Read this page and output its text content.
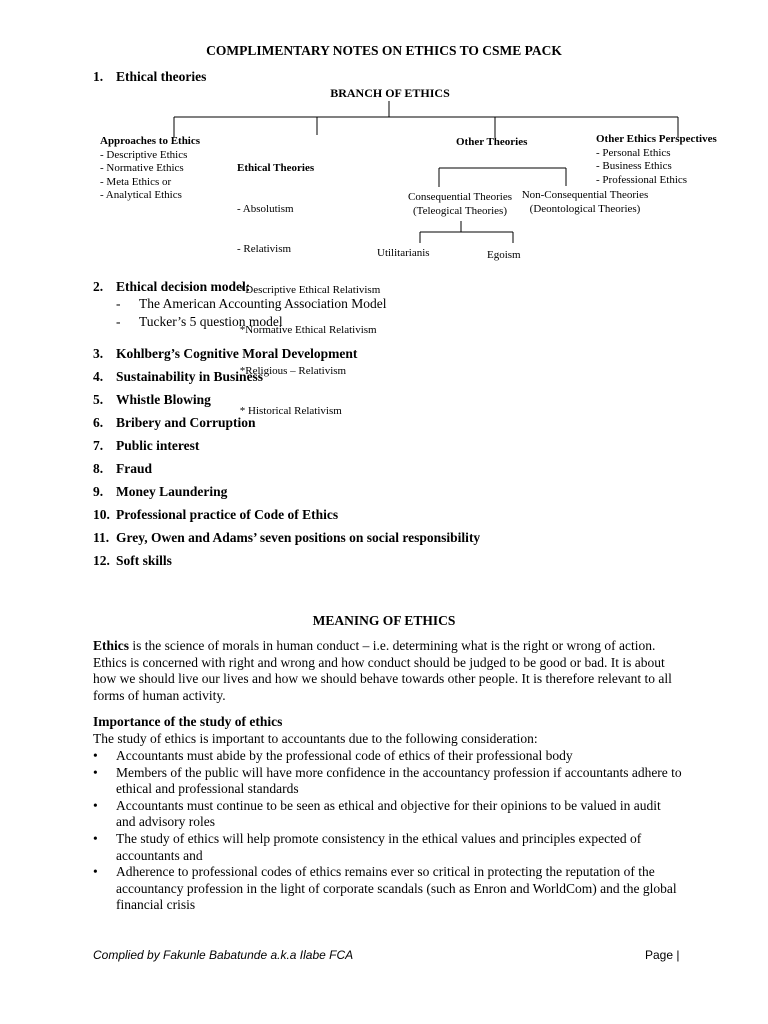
COMPLIMENTARY NOTES ON ETHICS TO CSME PACK
1. Ethical theories
BRANCH OF ETHICS
Approaches to Ethics
- Descriptive Ethics
- Normative Ethics
- Meta Ethics or
- Analytical Ethics

Ethical Theories

- Absolutism

- Relativism

*Descriptive Ethical Relativism

*Normative Ethical Relativism

*Religious – Relativism

* Historical Relativism

Other Theories
Consequential Theories
(Teleogical Theories)
Non-Consequential Theories
(Deontological Theories)
Utilitarianis	Egoism
Other Ethics Perspectives
- Personal Ethics
- Business Ethics
- Professional Ethics
2. Ethical decision model:
- The American Accounting Association Model
- Tucker’s 5 question model
3. Kohlberg’s Cognitive Moral Development
4. Sustainability in Business
5. Whistle Blowing
6. Bribery and Corruption
7. Public interest
8. Fraud
9. Money Laundering
10. Professional practice of Code of Ethics
11. Grey, Owen and Adams’ seven positions on social responsibility
12. Soft skills
MEANING OF ETHICS
Ethics is the science of morals in human conduct – i.e. determining what is the right or wrong of action. Ethics is concerned with right and wrong and how conduct should be judged to be good or bad. It is about how we should live our lives and how we should behave towards other people. It is therefore relevant to all forms of human activity.
Importance of the study of ethics
The study of ethics is important to accountants due to the following consideration:
• Accountants must abide by the professional code of ethics of their professional body
• Members of the public will have more confidence in the accountancy profession if accountants adhere to ethical and professional standards
• Accountants must continue to be seen as ethical and objective for their opinions to be valued in audit and advisory roles
• The study of ethics will help promote consistency in the ethical values and principles expected of accountants and
• Adherence to professional codes of ethics remains ever so critical in protecting the reputation of the accountancy profession in the light of corporate scandals (such as Enron and WorldCom) and the global financial crisis
Complied by Fakunle Babatunde a.k.a Ilabe FCA	Page |
